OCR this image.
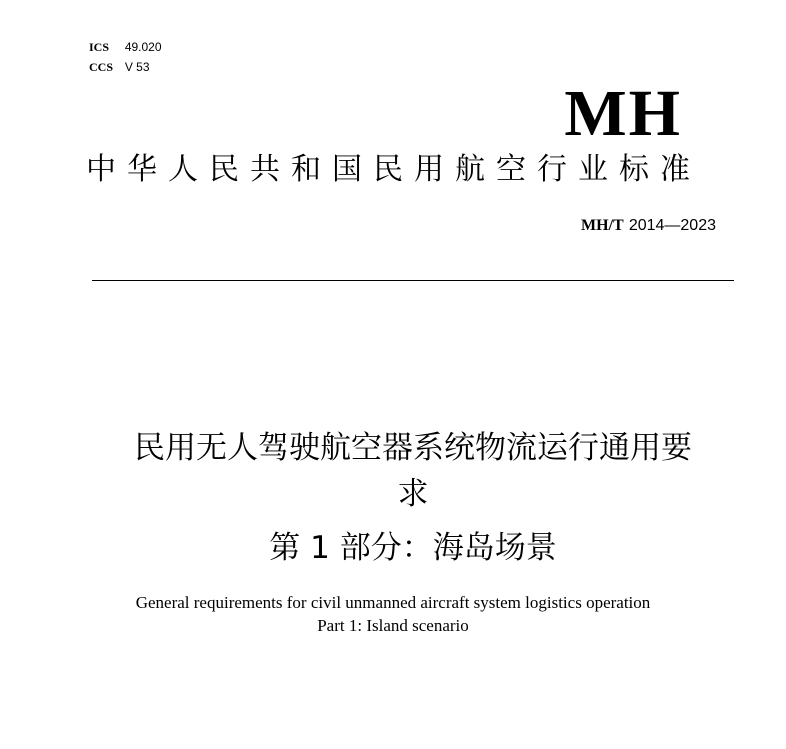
ICS 49.020
CCS V 53
MH
中华人民共和国民用航空行业标准
MH/T 2014—2023
民用无人驾驶航空器系统物流运行通用要
求
第 1 部分：海岛场景
General requirements for civil unmanned aircraft system logistics operation
Part 1: Island scenario
